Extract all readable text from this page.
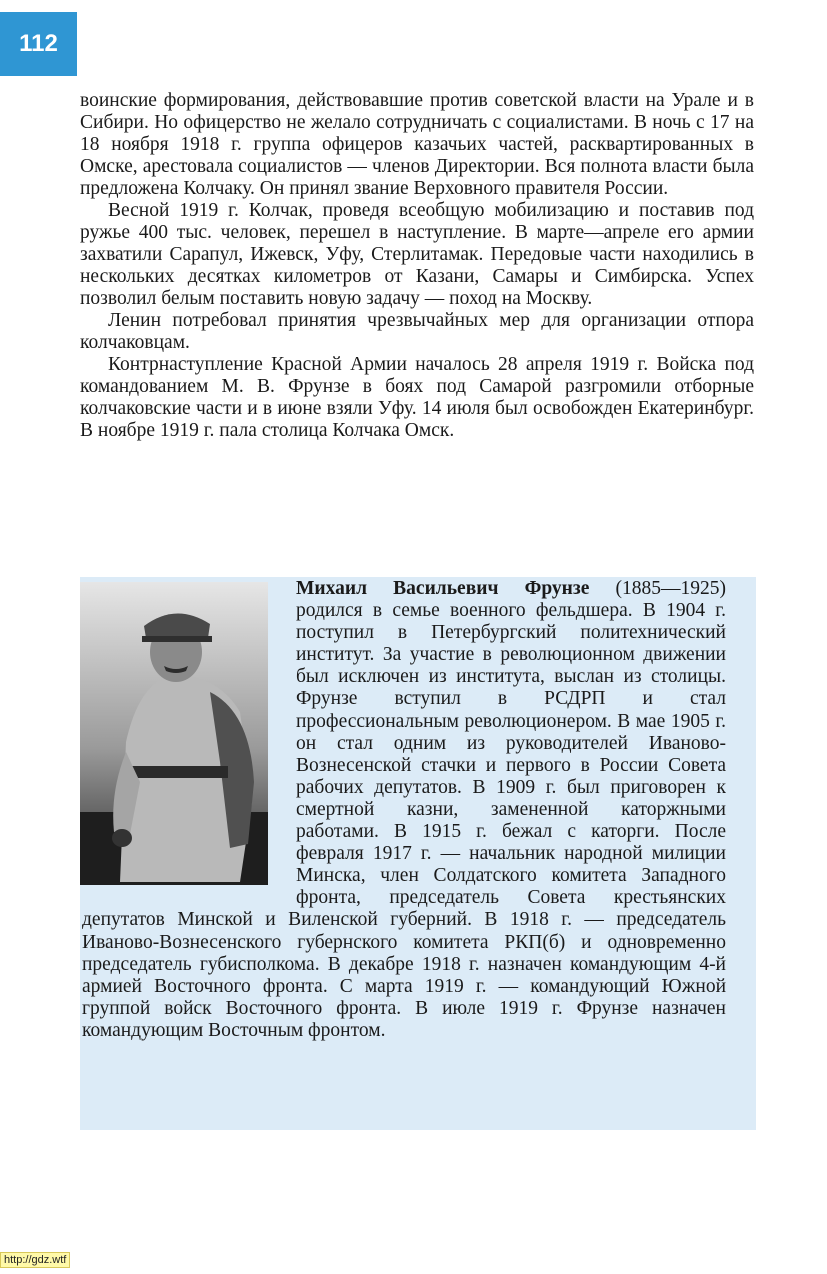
112

воинские формирования, действовавшие против советской власти на Урале и в Сибири. Но офицерство не желало сотрудничать с социалистами. В ночь с 17 на 18 ноября 1918 г. группа офицеров казачьих частей, расквартированных в Омске, арестовала социалистов — членов Директории. Вся полнота власти была предложена Колчаку. Он принял звание Верховного правителя России.

Весной 1919 г. Колчак, проведя всеобщую мобилизацию и поставив под ружье 400 тыс. человек, перешел в наступление. В марте—апреле его армии захватили Сарапул, Ижевск, Уфу, Стерлитамак. Передовые части находились в нескольких десятках километров от Казани, Самары и Симбирска. Успех позволил белым поставить новую задачу — поход на Москву.

Ленин потребовал принятия чрезвычайных мер для организации отпора колчаковцам.

Контрнаступление Красной Армии началось 28 апреля 1919 г. Войска под командованием М. В. Фрунзе в боях под Самарой разгромили отборные колчаковские части и в июне взяли Уфу. 14 июля был освобожден Екатеринбург. В ноябре 1919 г. пала столица Колчака Омск.

Михаил Васильевич Фрунзе (1885—1925) родился в семье военного фельдшера. В 1904 г. поступил в Петербургский политехнический институт. За участие в революционном движении был исключен из института, выслан из столицы. Фрунзе вступил в РСДРП и стал профессиональным революционером. В мае 1905 г. он стал одним из руководителей Иваново-Вознесенской стачки и первого в России Совета рабочих депутатов. В 1909 г. был приговорен к смертной казни, замененной каторжными работами. В 1915 г. бежал с каторги. После февраля 1917 г. — начальник народной милиции Минска, член Солдатского комитета Западного фронта, председатель Совета крестьянских депутатов Минской и Виленской губерний. В 1918 г. — председатель Иваново-Вознесенского губернского комитета РКП(б) и одновременно председатель губисполкома. В декабре 1918 г. назначен командующим 4-й армией Восточного фронта. С марта 1919 г. — командующий Южной группой войск Восточного фронта. В июле 1919 г. Фрунзе назначен командующим Восточным фронтом.
http://gdz.wtf
